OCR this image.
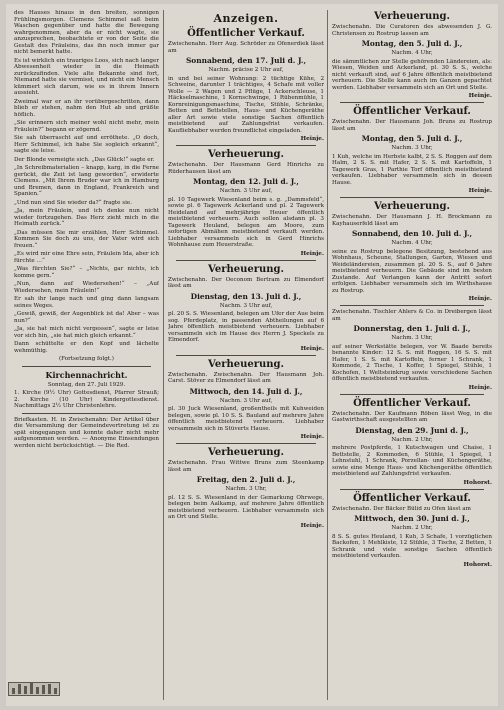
des Hauses hinaus in den breiten, sonnigen Frühlingsmorgen. Clemens Schimmel saß beim Waschen gegenüber und hatte die Bewegung wahrgenommen, aber da er nicht wagte, sie anzusprechen, beobachtete er von der Seite die Gestalt des Fräuleins, das ihn noch immer gar nicht bemerkt hatte.

Es ist wirklich ein trauriges Loos, sich nach langer Abwesenheit wieder in die Heimath zurückzufinden. Viele alte Bekannte sind fort, Niemand hatte sie vermisst, und nicht ein Mensch kümmert sich darum, wie es in ihrem Innern aussieht.

Zweimal war er an ihr vorübergeschritten, dann blieb er stehen, nahm den Hut ab und grüßte höflich.

„Sie erinnern sich meiner wohl nicht mehr, mein Fräulein?“ begann er zögernd.

Sie sah überrascht auf und erröthete. „O doch, Herr Schimmel, ich habe Sie sogleich erkannt“, sagte sie leise.

Der Blonde verneigte sich. „Das Glück!“ sagte er.

„In Schreibmaterialien – knapp, karg, in die Ferne gerückt, die Zeit ist lang geworden“, erwiderte Clemens. „Mit Ihrem Bruder war ich in Hamburg und Bremen, dann in England, Frankreich und Spanien.“

„Und nun sind Sie wieder da?“ fragte sie.

„Ja, mein Fräulein, und ich denke nun nicht wieder fortzugehen. Das Herz zieht mich in die Heimath zurück.“

„Das müssen Sie mir erzählen, Herr Schimmel. Kommen Sie doch zu uns, der Vater wird sich freuen.“

„Es wird mir eine Ehre sein, Fräulein Ida, aber ich fürchte …“

„Was fürchten Sie?“ – „Nichts, gar nichts, ich komme gern.“

„Nun, dann auf Wiedersehen!“ – „Auf Wiedersehen, mein Fräulein!“

Er sah ihr lange nach und ging dann langsam seines Weges.

„Gewiß, gewiß, der Augenblick ist da! Aber – was nun?“

„Ja, sie hat mich nicht vergessen“, sagte er leise vor sich hin, „sie hat mich gleich erkannt.“

Dann schüttelte er den Kopf und lächelte wehmüthig.

(Fortsetzung folgt.)

Kirchennachricht.

Sonntag, den 27. Juli 1929.

1. Kirche (9½ Uhr) Gottesdienst, Pfarrer Strauß; 2. Kirche (10 Uhr) Kindergottesdienst. Nachmittags 2½ Uhr Christenlehre.

Briefkasten. H. in Zwischenahn: Der Artikel über die Versammlung der Gemeindevertretung ist zu spät eingegangen und konnte daher nicht mehr aufgenommen werden. — Anonyme Einsendungen werden nicht berücksichtigt. — Die Red.

Anzeigen.
Öffentlicher Verkauf.

Zwischenahn. Herr Aug. Schröder zu Ofenerdiek lässt am

Sonnabend, den 17. Juli d. J.,

Nachm. präcise 2 Uhr auf,

in und bei seiner Wohnung: 2 tüchtige Kühe, 2 Schweine, darunter 1 trächtiges, 4 Schafe mit voller Wolle — 2 Wagen und 2 Pflüge, 1 Ackerschleuse, 1 Häckselmaschine, 1 Kornschwinge, 1 Rübenmühle, 1 Kornreinigungsmaschine, Tische, Stühle, Schränke, Betten und Bettstellen, Haus- und Küchengeräthe aller Art sowie viele sonstige Sachen öffentlich meistbietend auf Zahlungsfrist verkaufen. Kaufliebhaber werden freundlichst eingeladen.

Heinje.
Verheuerung.

Zwischenahn. Der Hausmann Gerd Hinrichs zu Rüderhausen lässt am

Montag, den 12. Juli d. J.,

Nachm. 3 Uhr auf,

pl. 10 Tagewerk Wiesenland beim s. g. „Dammsfeld“, sowie pl. 6 Tagewerk Ackerland und pl. 2 Tagewerk Heideland auf mehrjährige Heuer öffentlich meistbietend verheuern. Auch sollen alsdann pl. 3 Tagewerk Heuland, belegen am Moore, zum sofortigen Abmähen meistbietend verkauft werden. Liebhaber versammeln sich in Gerd Hinrichs Wohnhause zum Heuerstraße.

Heinje.
Verheuerung.

Zwischenahn. Der Oeconom Bertram zu Elmendorf lässt am

Dienstag, den 13. Juli d. J.,

Nachm. 3 Uhr auf,

pl. 20 S. S. Wiesenland, belegen am Ufer der Aue beim sog. Pferdeplatz, in passenden Abtheilungen auf 6 Jahre öffentlich meistbietend verheuern. Liebhaber versammeln sich im Hause des Herrn J. Speckels zu Elmendorf.

Heinje.
Verheuerung.

Zwischenahn. Zwischenahn. Der Hausmann Joh. Carst. Stöver zu Elmendorf lässt am

Mittwoch, den 14. Juli d. J.,

Nachm. 3 Uhr auf,

pl. 30 Juck Wiesenland, großentheils mit Kuhweiden belegen, sowie pl. 10 S. S. Bauland auf mehrere Jahre öffentlich meistbietend verheuern. Liebhaber versammeln sich in Stüverts Hause.

Heinje.
Verheuerung.

Zwischenahn. Frau Wittwe Bruns zum Steenkamp lässt am

Freitag, den 2. Juli d. J.,

Nachm. 3 Uhr,

pl. 12 S. S. Wiesenland in der Gemarkung Ohrwege, belegen beim Aalkamp, auf mehrere Jahre öffentlich meistbietend verheuern. Liebhaber versammeln sich an Ort und Stelle.

Heinje.
Verheuerung.

Zwischenahn. Die Curatoren des abwesenden J. G. Christensen zu Rostrup lassen am

Montag, den 5. Juli d. J.,

Nachm. 4 Uhr,

die sämmtlichen zur Stelle gehörenden Ländereien, als: Wiesen, Weiden und Ackerland, pl. 30 S. S., welche nicht verkauft sind, auf 6 Jahre öffentlich meistbietend verheuern. Die Stelle kann auch im Ganzen gepachtet werden. Liebhaber versammeln sich an Ort und Stelle.

Heinje.
Öffentlicher Verkauf.

Zwischenahn. Der Hausmann Joh. Bruns zu Rostrup lässt am

Montag, den 5. Juli d. J.,

Nachm. 3 Uhr,

1 Kuh, welche im Herbste kalbt, 2 S. S. Roggen auf dem Halm, 2 S. S. mit Hafer, 2 S. S. mit Kartoffeln, 1 Tagewerk Gras, 1 Parthie Torf öffentlich meistbietend verkaufen. Liebhaber versammeln sich in dessen Hause.

Heinje.
Verheuerung.

Zwischenahn. Der Hausmann J. H. Brockmann zu Kayhauserfeld lässt am

Sonnabend, den 10. Juli d. J.,

Nachm. 4 Uhr,

seine zu Rostrup belegene Besitzung, bestehend aus Wohnhaus, Scheune, Stallungen, Garten, Wiesen und Weideländereien, zusammen pl. 20 S. S., auf 6 Jahre meistbietend verheuern. Die Gebäude sind im besten Zustande. Auf Verlangen kann der Antritt sofort erfolgen. Liebhaber versammeln sich im Wirthshause zu Rostrup.

Heinje.

Zwischenahn. Tischler Ahlers & Co. in Dreibergen lässt am

Donnerstag, den 1. Juli d. J.,

Nachm. 3 Uhr,

auf seiner Werkstätte belegen, vor W. Baade bereits benannte Kinder: 12 S. S. mit Roggen, 16 S. S. mit Hafer, 1 S. S. mit Kartoffeln, ferner 1 Schrank, 1 Kommode, 2 Tische, 1 Koffer, 1 Spiegel, Stühle, 1 Kochofen, 1 Weltsteinkrug sowie verschiedene Sachen öffentlich meistbietend verkaufen.

Heinje.
Öffentlicher Verkauf.

Zwischenahn. Der Kaufmann Röben lässt Weg, in die Gastwirthschaft ausgestellten am

Dienstag, den 29. Juni d. J.,

Nachm. 2 Uhr,

mehrere Postpferde, 1 Kutschwagen und Chaise, 1 Bettstelle, 2 Kommoden, 6 Stühle, 1 Spiegel, 1 Lehnstuhl, 1 Schrank, Porzellan- und Küchengeräthe, sowie eine Menge Haus- und Küchengeräthe öffentlich meistbietend auf Zahlungsfrist verkaufen.

Hohorst.
Öffentlicher Verkauf.

Zwischenahn. Der Bäcker Bülid zu Ofen lässt am

Mittwoch, den 30. Juni d. J.,

Nachm. 2 Uhr,

8 S. S. gutes Heuland, 1 Kuh, 3 Schafe, 1 vorzüglichen Backofen, 1 Mehlkiste, 12 Stühle, 3 Tische, 2 Betten, 1 Schrank und viele sonstige Sachen öffentlich meistbietend verkaufen.

Hohorst.
